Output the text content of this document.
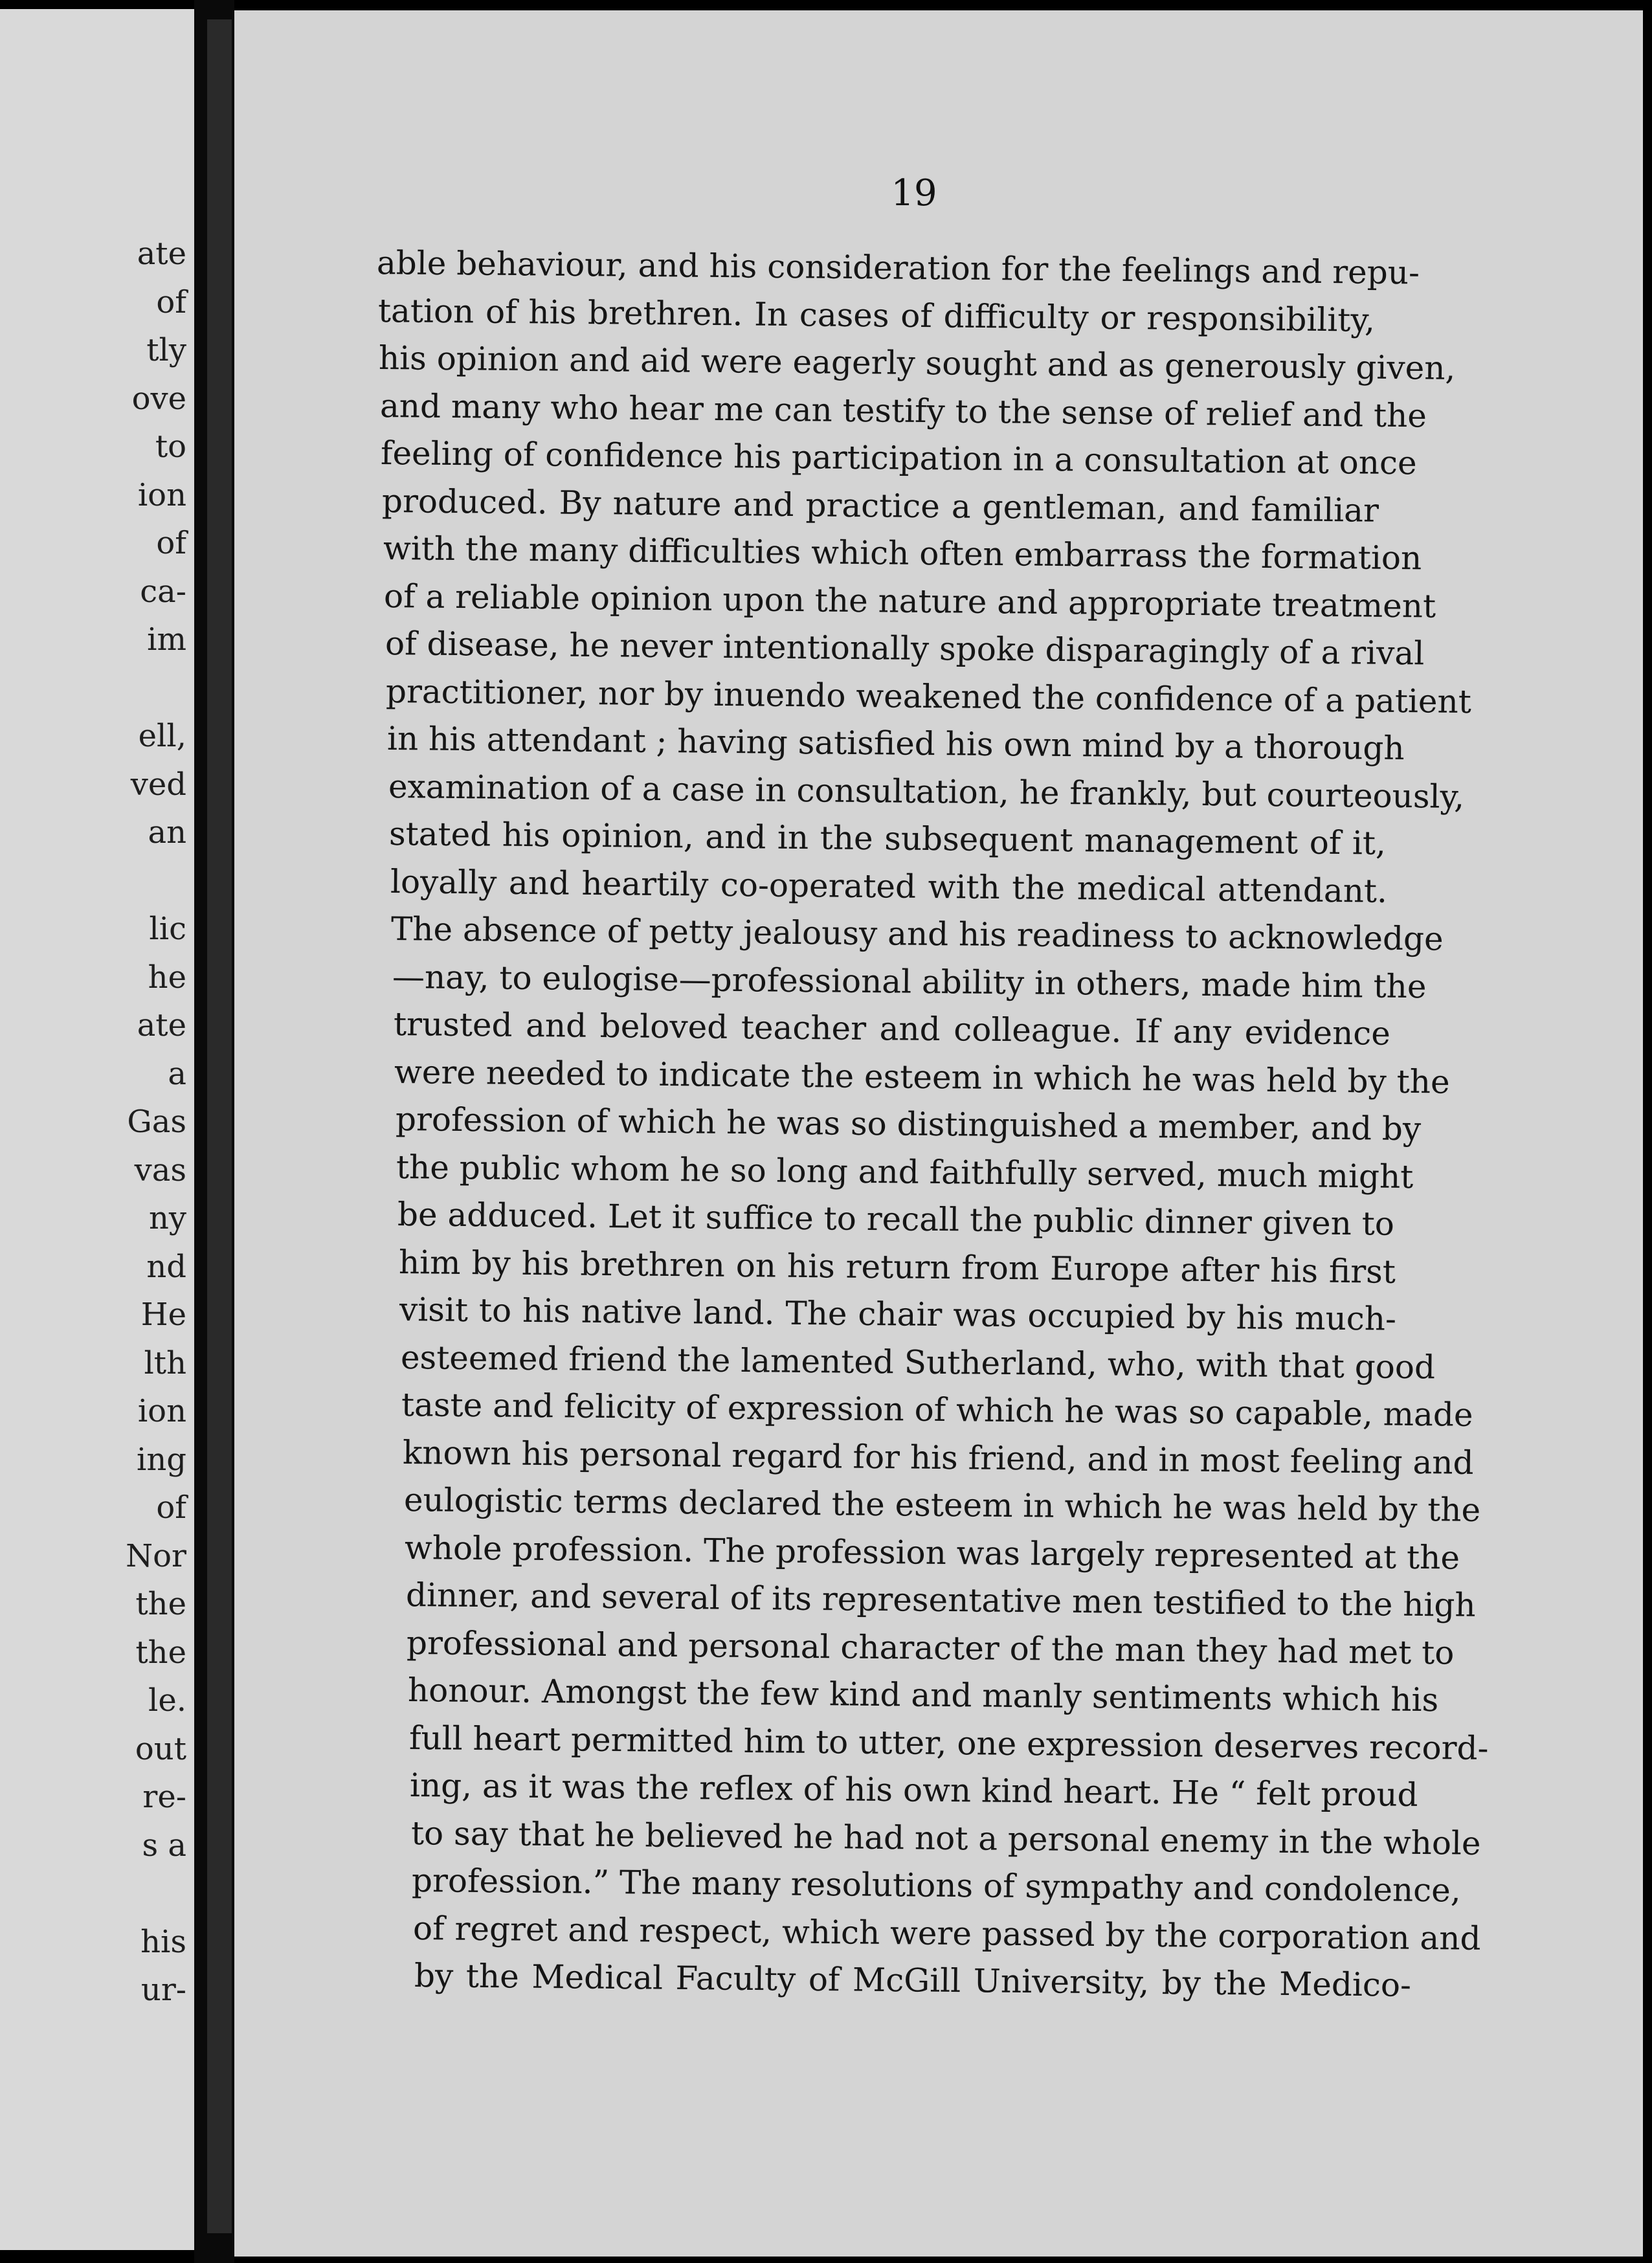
ate
of
tly
ove
to
ion
of
ca-
im
ell,
ved
an
lic
he
ate
a
Gas
vas
ny
nd
He
lth
ion
ing
of
Nor
the
the
le.
out
re-
s a
his
ur-
19
able behaviour, and his consideration for the feelings and repu-
tation of his brethren. In cases of difficulty or responsibility,
his opinion and aid were eagerly sought and as generously given,
and many who hear me can testify to the sense of relief and the
feeling of confidence his participation in a consultation at once
produced. By nature and practice a gentleman, and familiar
with the many difficulties which often embarrass the formation
of a reliable opinion upon the nature and appropriate treatment
of disease, he never intentionally spoke disparagingly of a rival
practitioner, nor by inuendo weakened the confidence of a patient
in his attendant ; having satisfied his own mind by a thorough
examination of a case in consultation, he frankly, but courteously,
stated his opinion, and in the subsequent management of it,
loyally and heartily co-operated with the medical attendant.
The absence of petty jealousy and his readiness to acknowledge
—nay, to eulogise—professional ability in others, made him the
trusted and beloved teacher and colleague. If any evidence
were needed to indicate the esteem in which he was held by the
profession of which he was so distinguished a member, and by
the public whom he so long and faithfully served, much might
be adduced. Let it suffice to recall the public dinner given to
him by his brethren on his return from Europe after his first
visit to his native land. The chair was occupied by his much-
esteemed friend the lamented Sutherland, who, with that good
taste and felicity of expression of which he was so capable, made
known his personal regard for his friend, and in most feeling and
eulogistic terms declared the esteem in which he was held by the
whole profession. The profession was largely represented at the
dinner, and several of its representative men testified to the high
professional and personal character of the man they had met to
honour. Amongst the few kind and manly sentiments which his
full heart permitted him to utter, one expression deserves record-
ing, as it was the reflex of his own kind heart. He “ felt proud
to say that he believed he had not a personal enemy in the whole
profession.” The many resolutions of sympathy and condolence,
of regret and respect, which were passed by the corporation and
by the Medical Faculty of McGill University, by the Medico-
